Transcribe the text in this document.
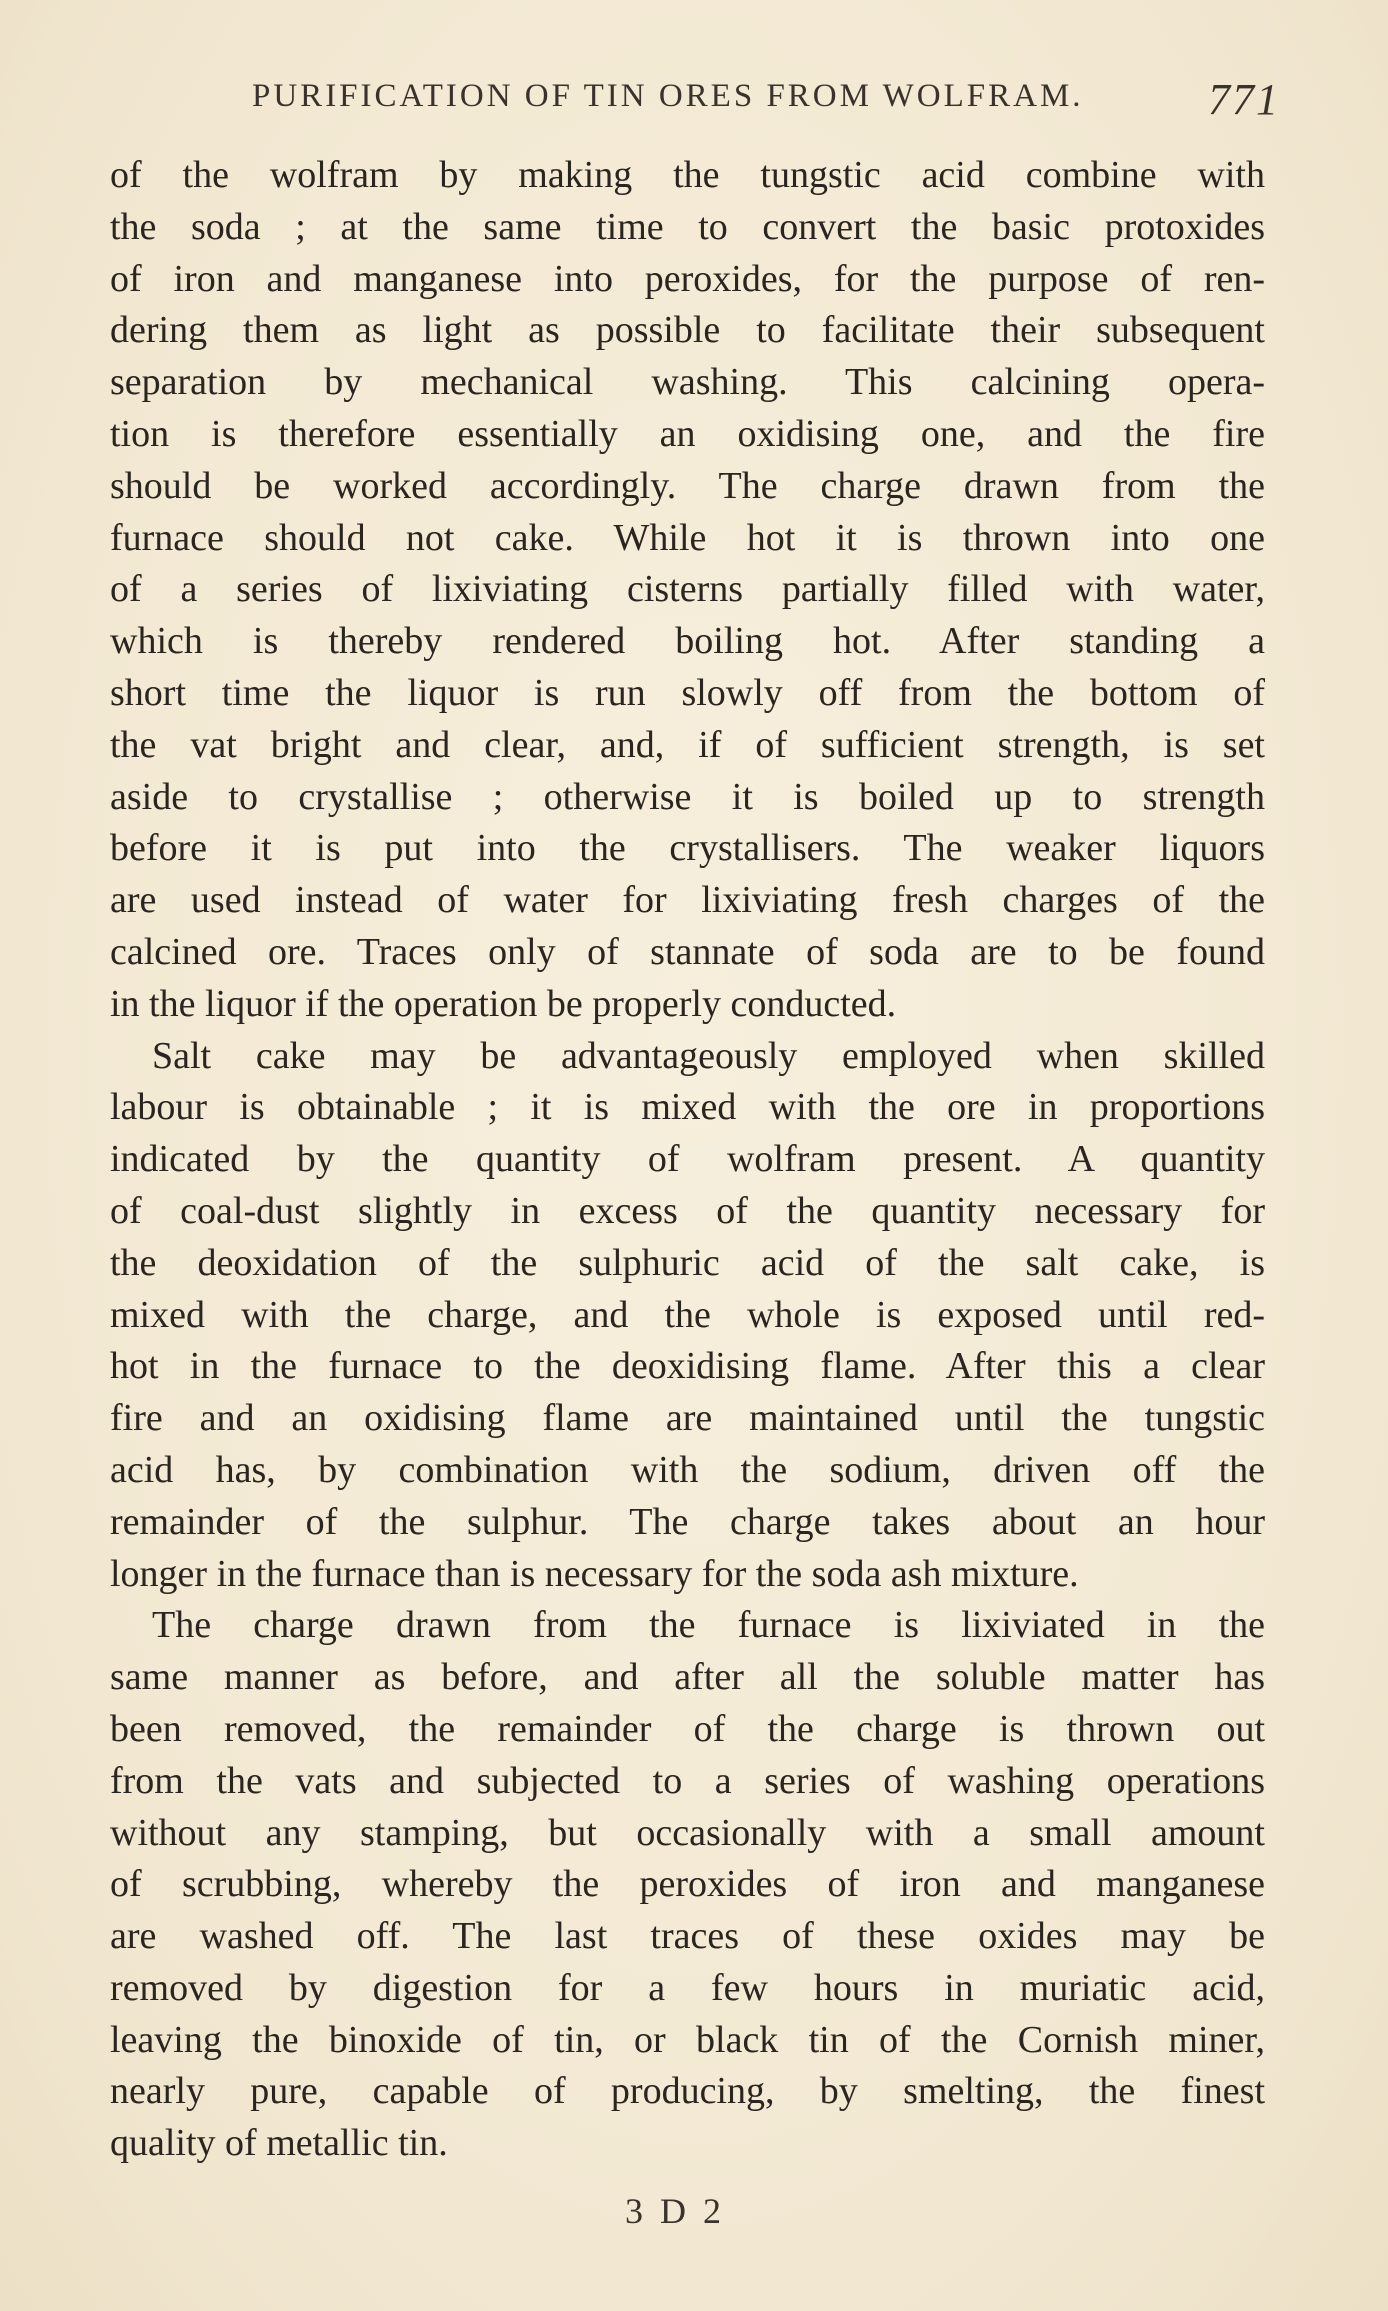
PURIFICATION OF TIN ORES FROM WOLFRAM.	771
of the wolfram by making the tungstic acid combine with
the soda ; at the same time to convert the basic protoxides
of iron and manganese into peroxides, for the purpose of ren-
dering them as light as possible to facilitate their subsequent
separation by mechanical washing. This calcining opera-
tion is therefore essentially an oxidising one, and the fire
should be worked accordingly. The charge drawn from the
furnace should not cake. While hot it is thrown into one
of a series of lixiviating cisterns partially filled with water,
which is thereby rendered boiling hot. After standing a
short time the liquor is run slowly off from the bottom of
the vat bright and clear, and, if of sufficient strength, is set
aside to crystallise ; otherwise it is boiled up to strength
before it is put into the crystallisers. The weaker liquors
are used instead of water for lixiviating fresh charges of the
calcined ore. Traces only of stannate of soda are to be found
in the liquor if the operation be properly conducted.
Salt cake may be advantageously employed when skilled
labour is obtainable ; it is mixed with the ore in proportions
indicated by the quantity of wolfram present. A quantity
of coal-dust slightly in excess of the quantity necessary for
the deoxidation of the sulphuric acid of the salt cake, is
mixed with the charge, and the whole is exposed until red-
hot in the furnace to the deoxidising flame. After this a clear
fire and an oxidising flame are maintained until the tungstic
acid has, by combination with the sodium, driven off the
remainder of the sulphur. The charge takes about an hour
longer in the furnace than is necessary for the soda ash mixture.
The charge drawn from the furnace is lixiviated in the
same manner as before, and after all the soluble matter has
been removed, the remainder of the charge is thrown out
from the vats and subjected to a series of washing operations
without any stamping, but occasionally with a small amount
of scrubbing, whereby the peroxides of iron and manganese
are washed off. The last traces of these oxides may be
removed by digestion for a few hours in muriatic acid,
leaving the binoxide of tin, or black tin of the Cornish miner,
nearly pure, capable of producing, by smelting, the finest
quality of metallic tin.
3 D 2
